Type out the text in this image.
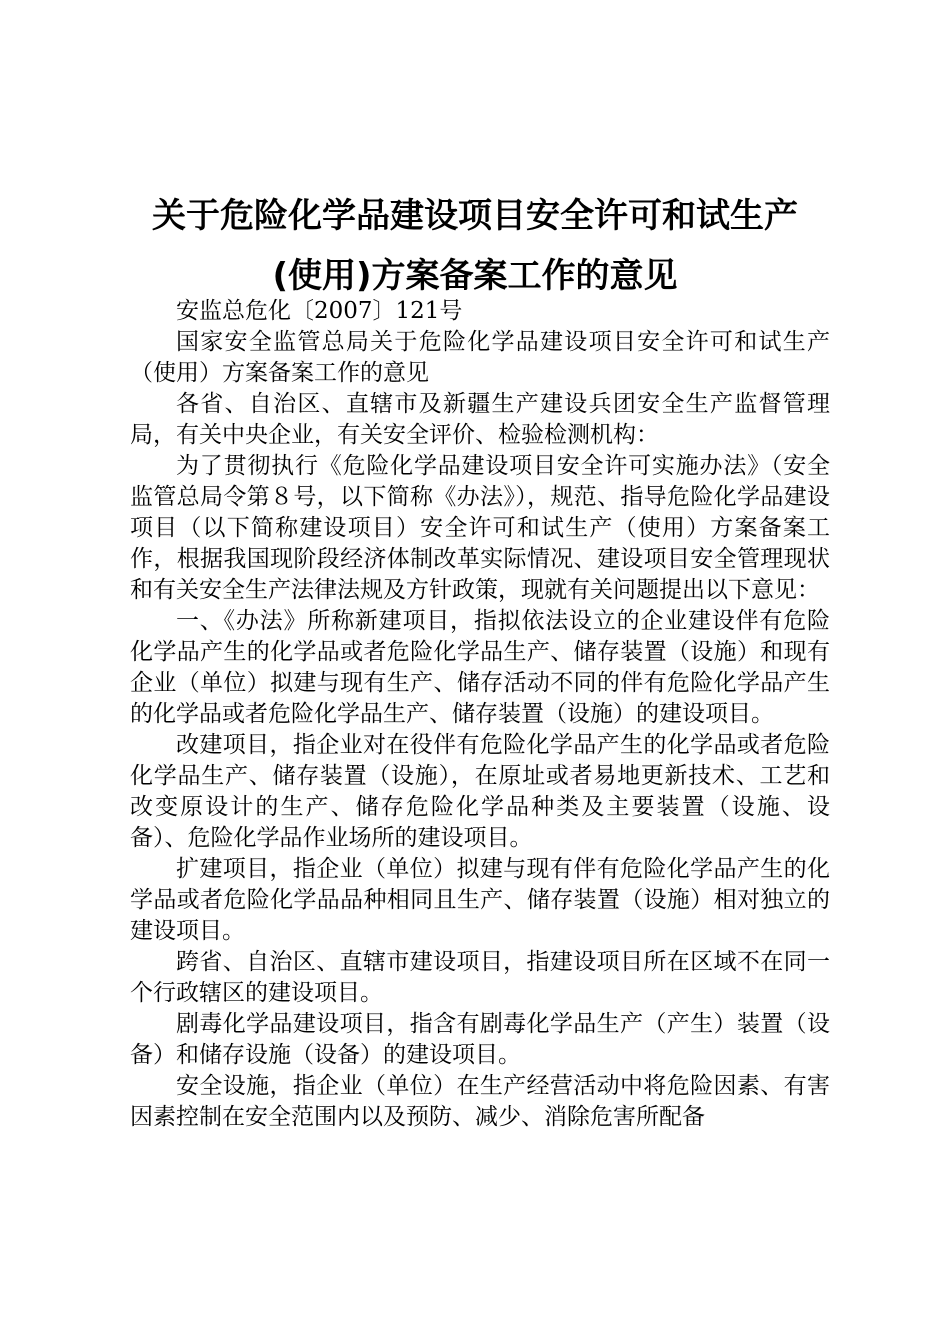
关于危险化学品建设项目安全许可和试生产
(使用)方案备案工作的意见

安监总危化〔2007〕121号

国家安全监管总局关于危险化学品建设项目安全许可和试生产（使用）方案备案工作的意见

各省、自治区、直辖市及新疆生产建设兵团安全生产监督管理局，有关中央企业，有关安全评价、检验检测机构：

为了贯彻执行《危险化学品建设项目安全许可实施办法》（安全监管总局令第８号，以下简称《办法》），规范、指导危险化学品建设项目（以下简称建设项目）安全许可和试生产（使用）方案备案工作，根据我国现阶段经济体制改革实际情况、建设项目安全管理现状和有关安全生产法律法规及方针政策，现就有关问题提出以下意见：

一、《办法》所称新建项目，指拟依法设立的企业建设伴有危险化学品产生的化学品或者危险化学品生产、储存装置（设施）和现有企业（单位）拟建与现有生产、储存活动不同的伴有危险化学品产生的化学品或者危险化学品生产、储存装置（设施）的建设项目。

改建项目，指企业对在役伴有危险化学品产生的化学品或者危险化学品生产、储存装置（设施），在原址或者易地更新技术、工艺和改变原设计的生产、储存危险化学品种类及主要装置（设施、设备）、危险化学品作业场所的建设项目。

扩建项目，指企业（单位）拟建与现有伴有危险化学品产生的化学品或者危险化学品品种相同且生产、储存装置（设施）相对独立的建设项目。

跨省、自治区、直辖市建设项目，指建设项目所在区域不在同一个行政辖区的建设项目。

剧毒化学品建设项目，指含有剧毒化学品生产（产生）装置（设备）和储存设施（设备）的建设项目。

安全设施，指企业（单位）在生产经营活动中将危险因素、有害因素控制在安全范围内以及预防、减少、消除危害所配备
